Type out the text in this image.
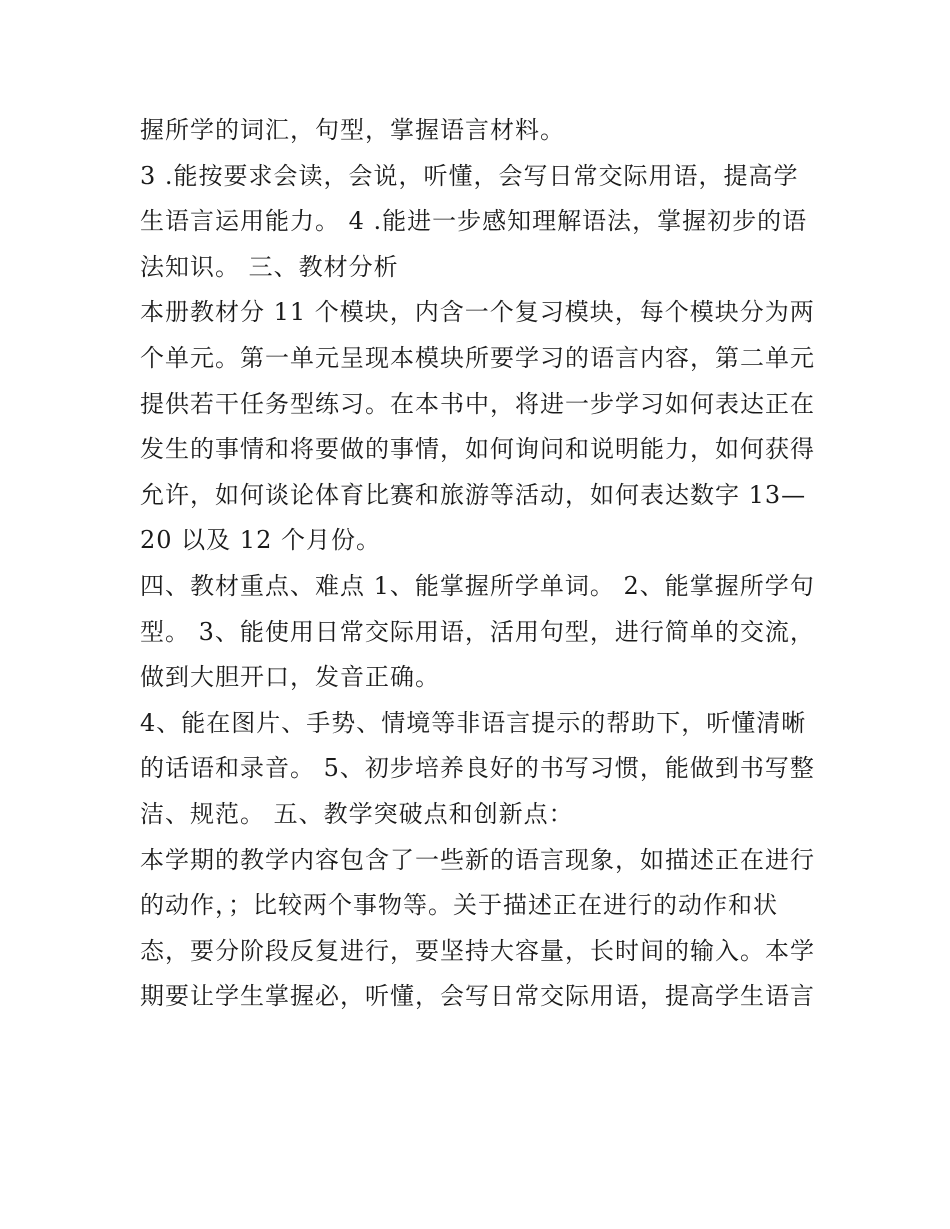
握所学的词汇，句型，掌握语言材料。
3 .能按要求会读，会说，听懂，会写日常交际用语，提高学
生语言运用能力。 4 .能进一步感知理解语法，掌握初步的语
法知识。 三、教材分析
本册教材分 11 个模块，内含一个复习模块，每个模块分为两
个单元。第一单元呈现本模块所要学习的语言内容，第二单元
提供若干任务型练习。在本书中，将进一步学习如何表达正在
发生的事情和将要做的事情，如何询问和说明能力，如何获得
允许，如何谈论体育比赛和旅游等活动，如何表达数字 13—
20 以及 12 个月份。
四、教材重点、难点 1、能掌握所学单词。 2、能掌握所学句
型。 3、能使用日常交际用语，活用句型，进行简单的交流，
做到大胆开口，发音正确。
4、能在图片、手势、情境等非语言提示的帮助下，听懂清晰
的话语和录音。 5、初步培养良好的书写习惯，能做到书写整
洁、规范。 五、教学突破点和创新点：
本学期的教学内容包含了一些新的语言现象，如描述正在进行
的动作，；比较两个事物等。关于描述正在进行的动作和状
态，要分阶段反复进行，要坚持大容量，长时间的输入。本学
期要让学生掌握必，听懂，会写日常交际用语，提高学生语言
